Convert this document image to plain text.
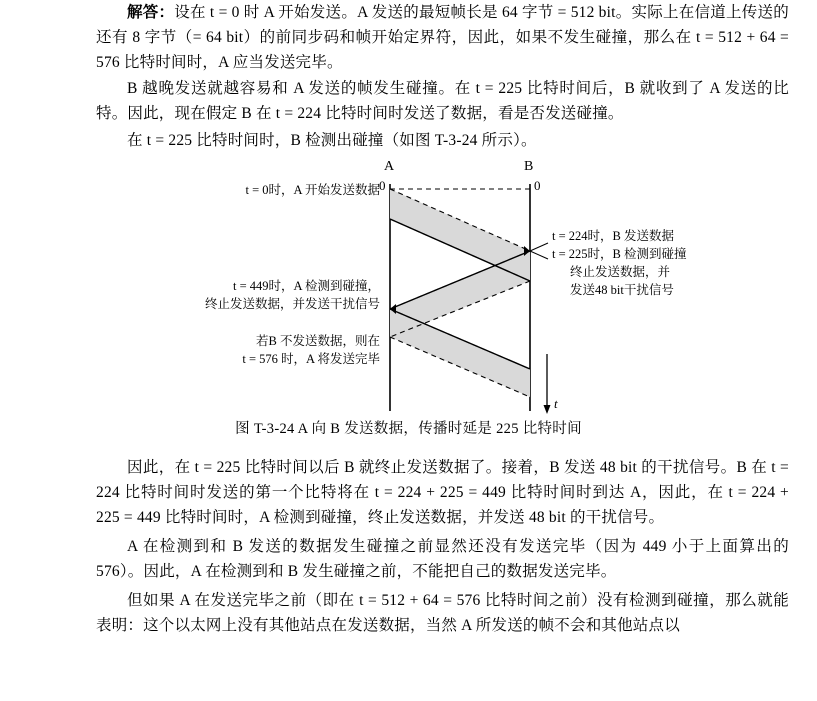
解答：设在 t = 0 时 A 开始发送。A 发送的最短帧长是 64 字节 = 512 bit。实际上在信道上传送的还有 8 字节（= 64 bit）的前同步码和帧开始定界符，因此，如果不发生碰撞，那么在 t = 512 + 64 = 576 比特时间时，A 应当发送完毕。

B 越晚发送就越容易和 A 发送的帧发生碰撞。在 t = 225 比特时间后，B 就收到了 A 发送的比特。因此，现在假定 B 在 t = 224 比特时间时发送了数据，看是否发送碰撞。

在 t = 225 比特时间时，B 检测出碰撞（如图 T-3-24 所示）。

A	B
0	0
t
t = 0时，A 开始发送数据
t = 224时，B 发送数据
t = 225时，B 检测到碰撞
终止发送数据，并
发送48 bit干扰信号
t = 449时，A 检测到碰撞，
终止发送数据，并发送干扰信号
若B 不发送数据，则在
t = 576 时，A 将发送完毕
图 T-3-24 A 向 B 发送数据，传播时延是 225 比特时间

因此，在 t = 225 比特时间以后 B 就终止发送数据了。接着，B 发送 48 bit 的干扰信号。B 在 t = 224 比特时间时发送的第一个比特将在 t = 224 + 225 = 449 比特时间时到达 A，因此，在 t = 224 + 225 = 449 比特时间时，A 检测到碰撞，终止发送数据，并发送 48 bit 的干扰信号。

A 在检测到和 B 发送的数据发生碰撞之前显然还没有发送完毕（因为 449 小于上面算出的 576）。因此，A 在检测到和 B 发生碰撞之前，不能把自己的数据发送完毕。

但如果 A 在发送完毕之前（即在 t = 512 + 64 = 576 比特时间之前）没有检测到碰撞，那么就能表明：这个以太网上没有其他站点在发送数据，当然 A 所发送的帧不会和其他站点以
